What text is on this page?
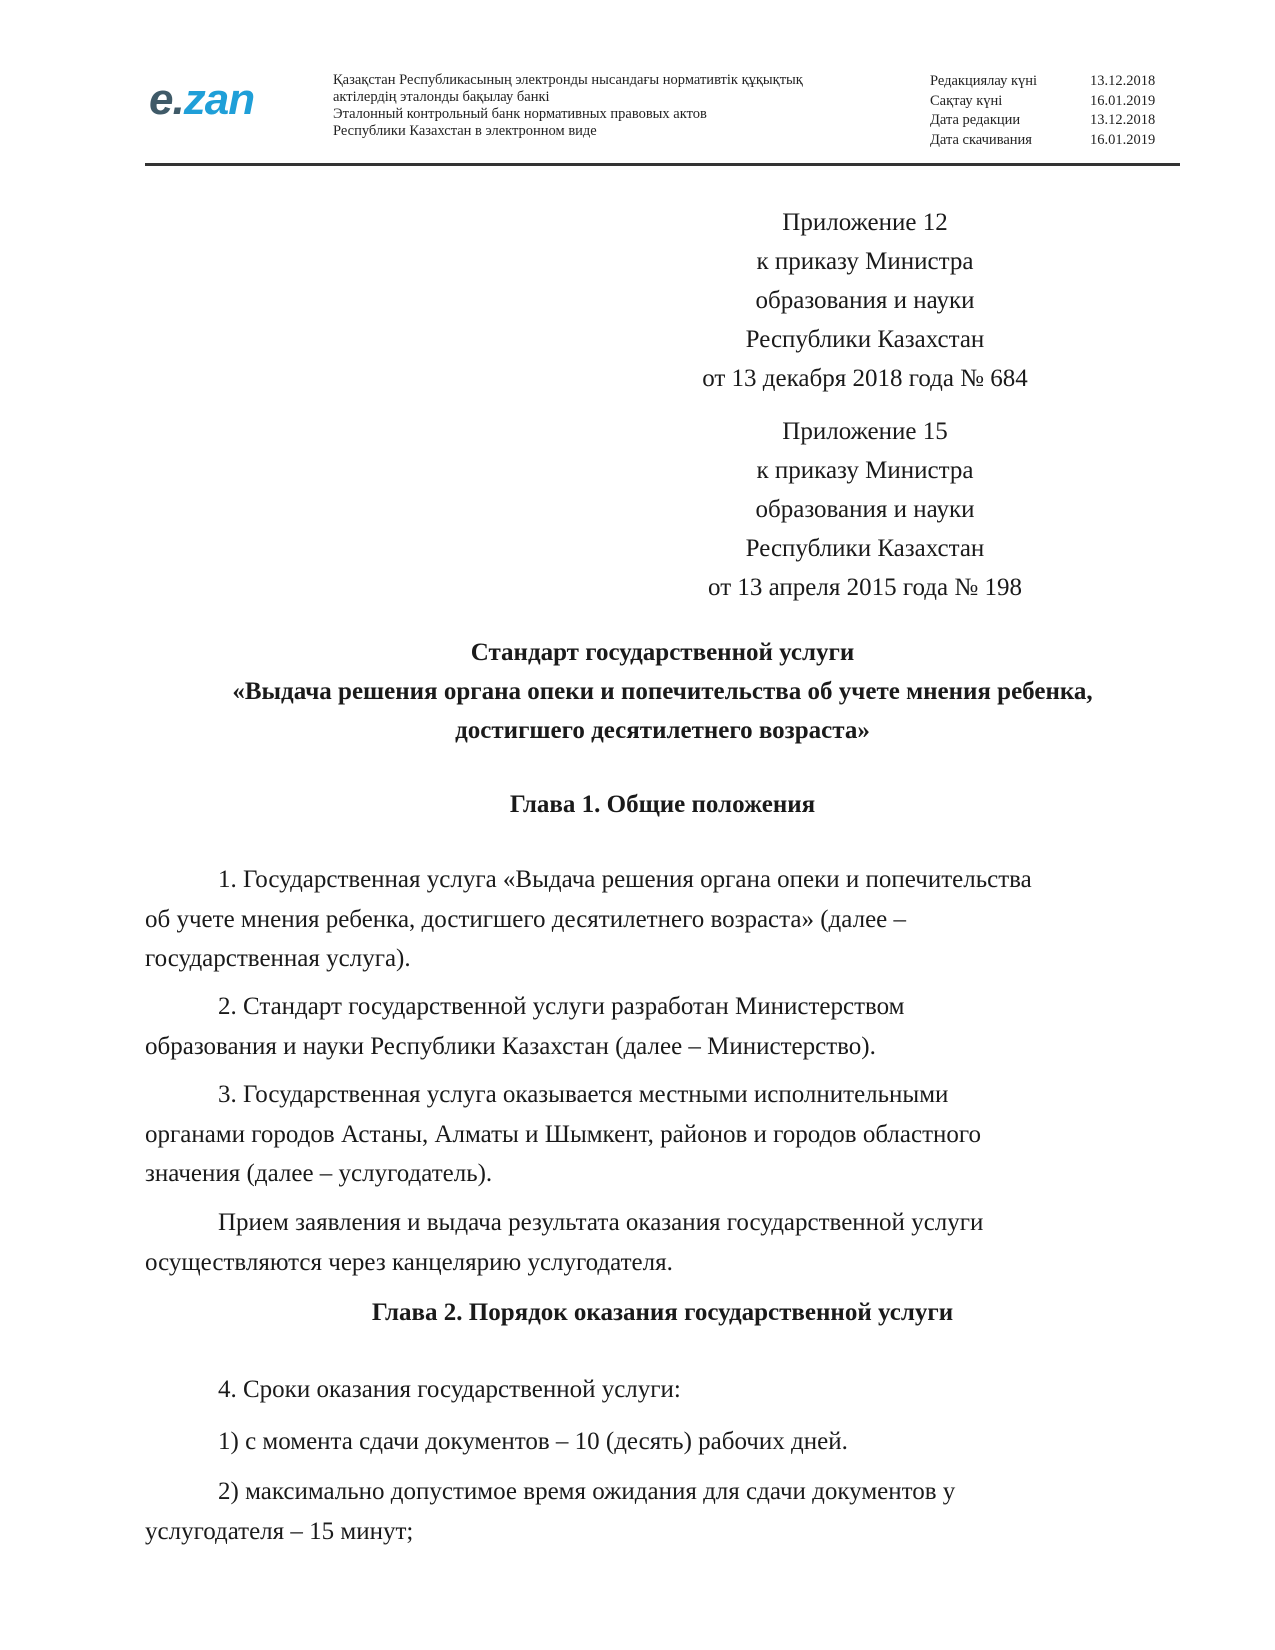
e.zan	Қазақстан Республикасының электронды нысандағы нормативтік құқықтық
актілердің эталонды бақылау банкі
Эталонный контрольный банк нормативных правовых актов
Республики Казахстан в электронном виде
Редакциялау күні	13.12.2018
Сақтау күні	16.01.2019
Дата редакции	13.12.2018
Дата скачивания	16.01.2019
Приложение 12
к приказу Министра
образования и науки
Республики Казахстан
от 13 декабря 2018 года № 684
Приложение 15
к приказу Министра
образования и науки
Республики Казахстан
от 13 апреля 2015 года № 198
Стандарт государственной услуги
«Выдача решения органа опеки и попечительства об учете мнения ребенка,
достигшего десятилетнего возраста»
Глава 1. Общие положения
1. Государственная услуга «Выдача решения органа опеки и попечительства
об учете мнения ребенка, достигшего десятилетнего возраста» (далее –
государственная услуга).
2. Стандарт государственной услуги разработан Министерством
образования и науки Республики Казахстан (далее – Министерство).
3. Государственная услуга оказывается местными исполнительными
органами городов Астаны, Алматы и Шымкент, районов и городов областного
значения (далее – услугодатель).
Прием заявления и выдача результата оказания государственной услуги
осуществляются через канцелярию услугодателя.
Глава 2. Порядок оказания государственной услуги
4. Сроки оказания государственной услуги:
1) с момента сдачи документов – 10 (десять) рабочих дней.
2) максимально допустимое время ожидания для сдачи документов у
услугодателя – 15 минут;
